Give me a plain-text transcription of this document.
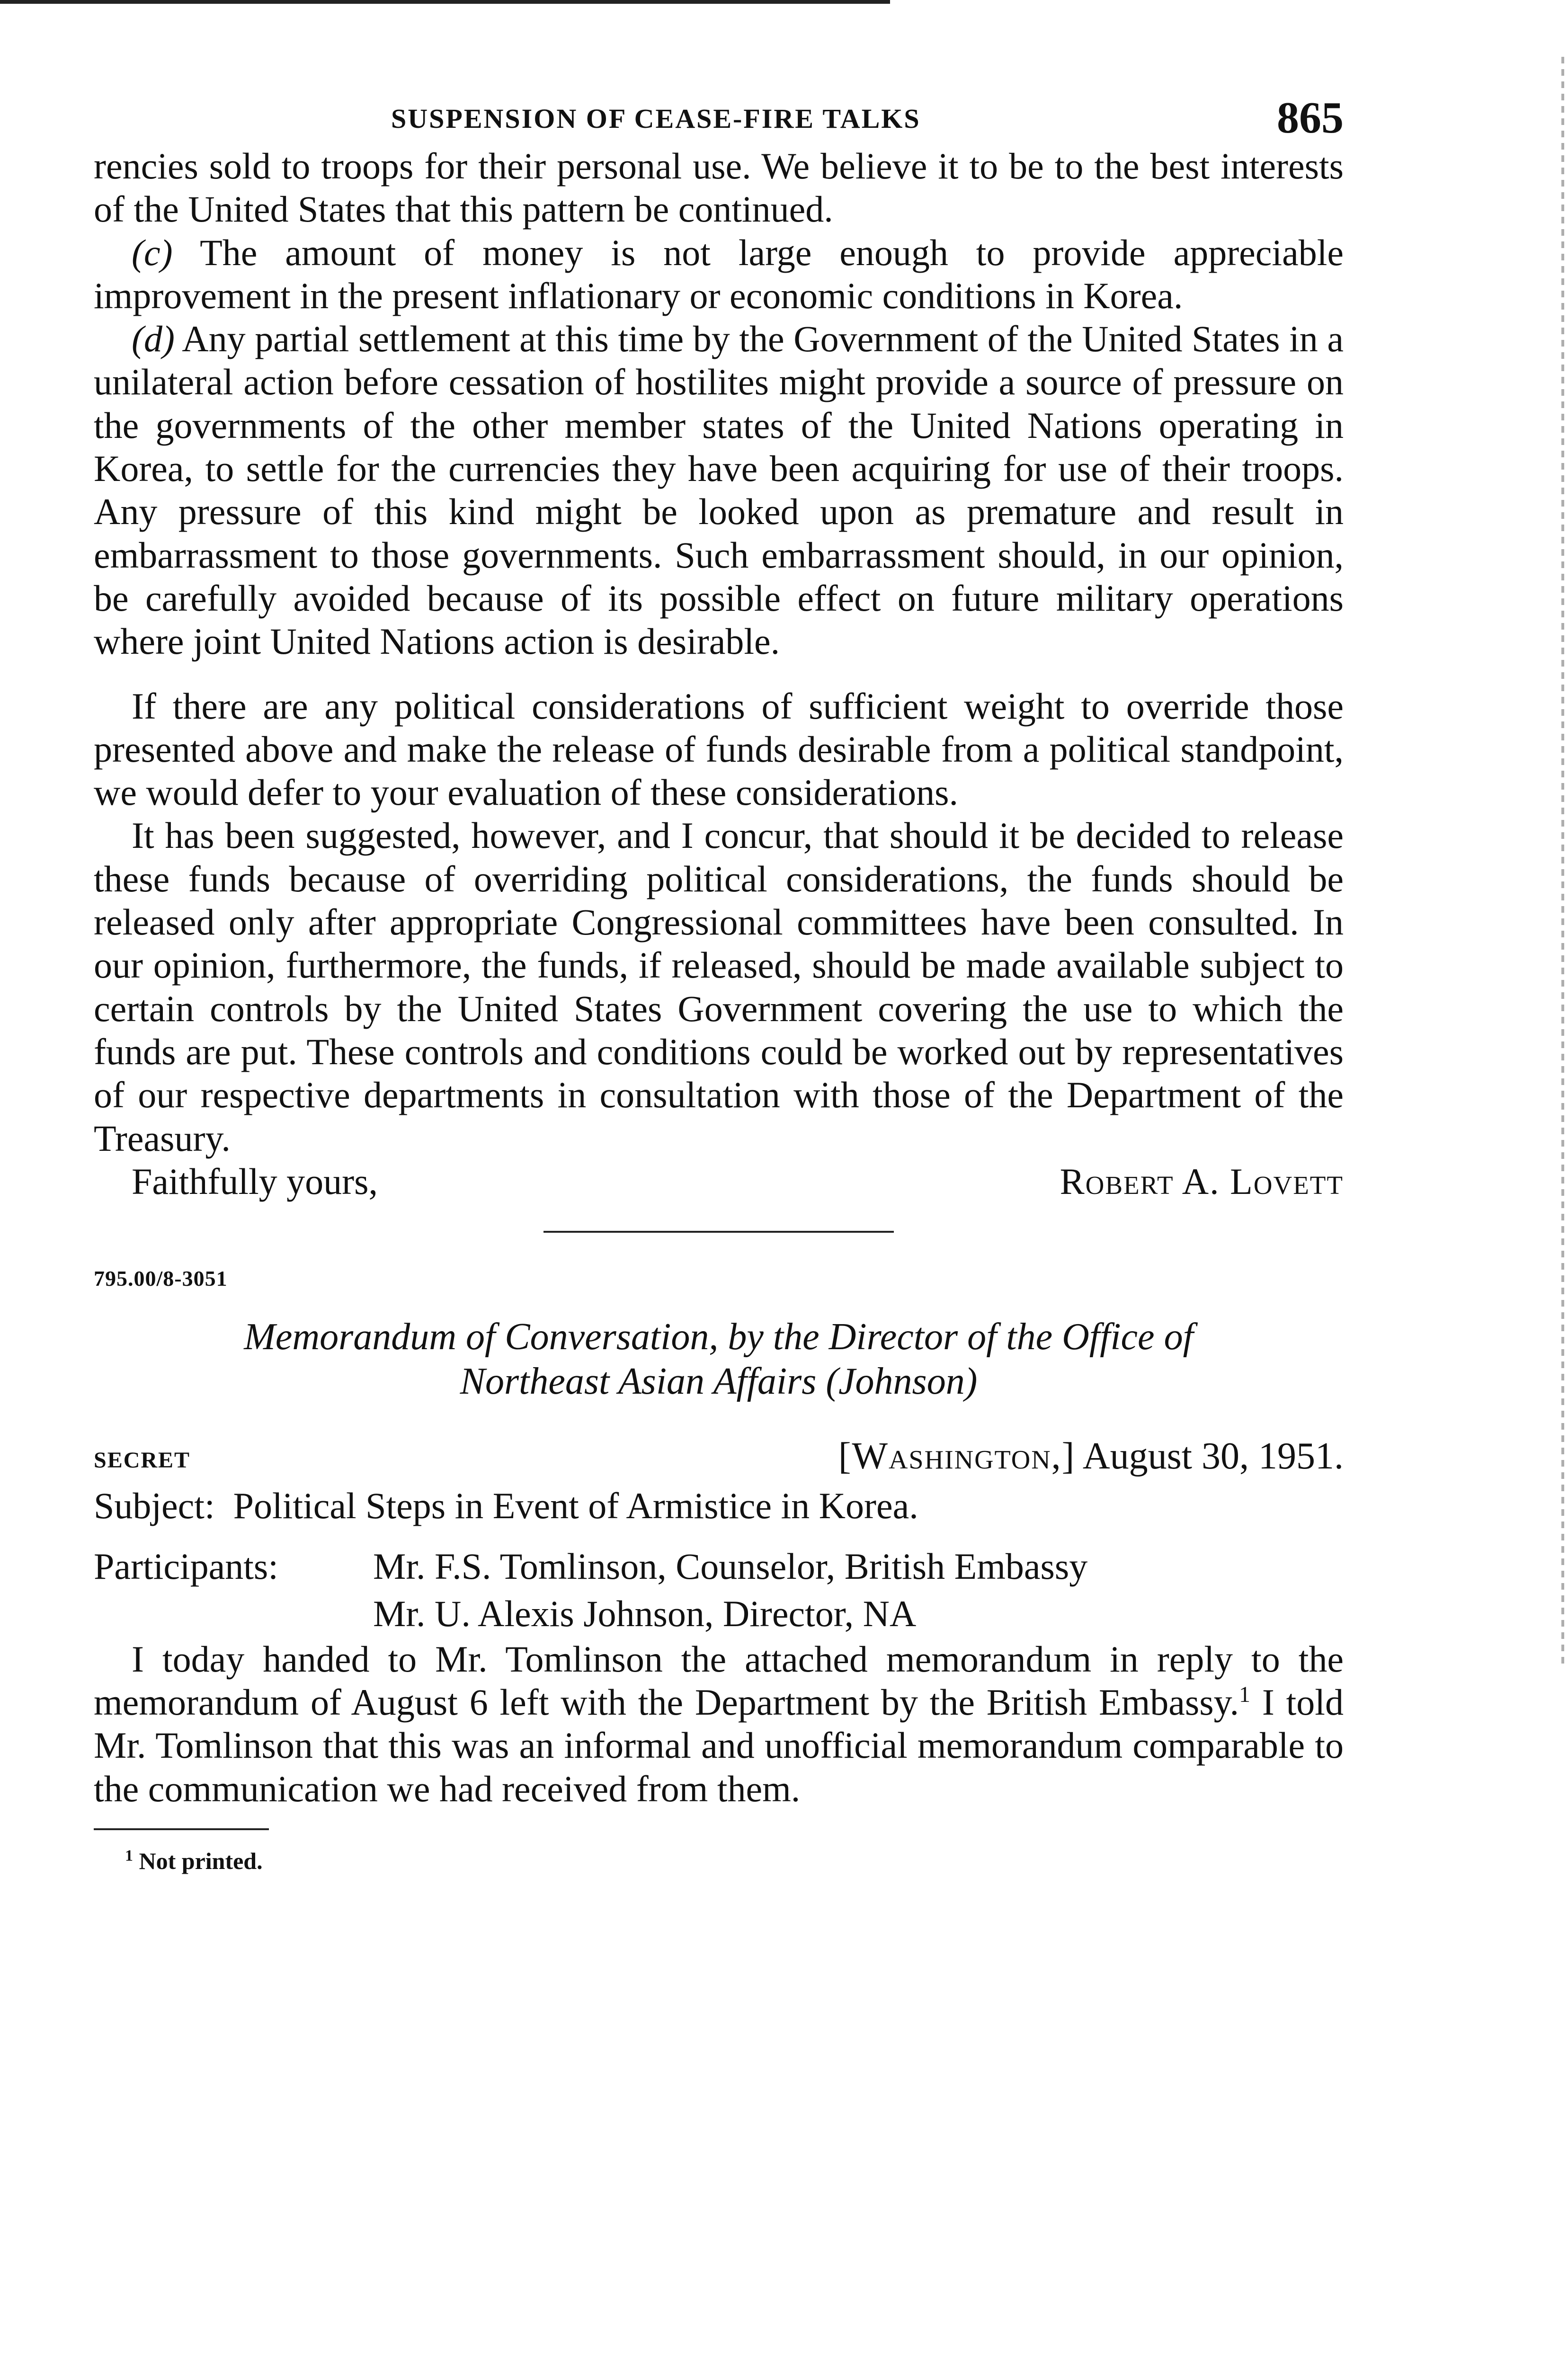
SUSPENSION OF CEASE-FIRE TALKS	865

rencies sold to troops for their personal use. We believe it to be to the best interests of the United States that this pattern be continued.

(c) The amount of money is not large enough to provide appreciable improvement in the present inflationary or economic conditions in Korea.

(d) Any partial settlement at this time by the Government of the United States in a unilateral action before cessation of hostilites might provide a source of pressure on the governments of the other member states of the United Nations operating in Korea, to settle for the currencies they have been acquiring for use of their troops. Any pressure of this kind might be looked upon as premature and result in embarrassment to those governments. Such embarrassment should, in our opinion, be carefully avoided because of its possible effect on future military operations where joint United Nations action is desirable.

If there are any political considerations of sufficient weight to override those presented above and make the release of funds desirable from a political standpoint, we would defer to your evaluation of these considerations.

It has been suggested, however, and I concur, that should it be decided to release these funds because of overriding political considerations, the funds should be released only after appropriate Congressional committees have been consulted. In our opinion, furthermore, the funds, if released, should be made available subject to certain controls by the United States Government covering the use to which the funds are put. These controls and conditions could be worked out by representatives of our respective departments in consultation with those of the Department of the Treasury.

Faithfully yours,	Robert A. Lovett
795.00/8-3051
Memorandum of Conversation, by the Director of the Office of
Northeast Asian Affairs (Johnson)
SECRET	[Washington,] August 30, 1951.
Subject: Political Steps in Event of Armistice in Korea.
Participants:	Mr. F.S. Tomlinson, Counselor, British Embassy
Mr. U. Alexis Johnson, Director, NA

I today handed to Mr. Tomlinson the attached memorandum in reply to the memorandum of August 6 left with the Department by the British Embassy.$^1$ I told Mr. Tomlinson that this was an informal and unofficial memorandum comparable to the communication we had received from them.

$^1$ Not printed.
